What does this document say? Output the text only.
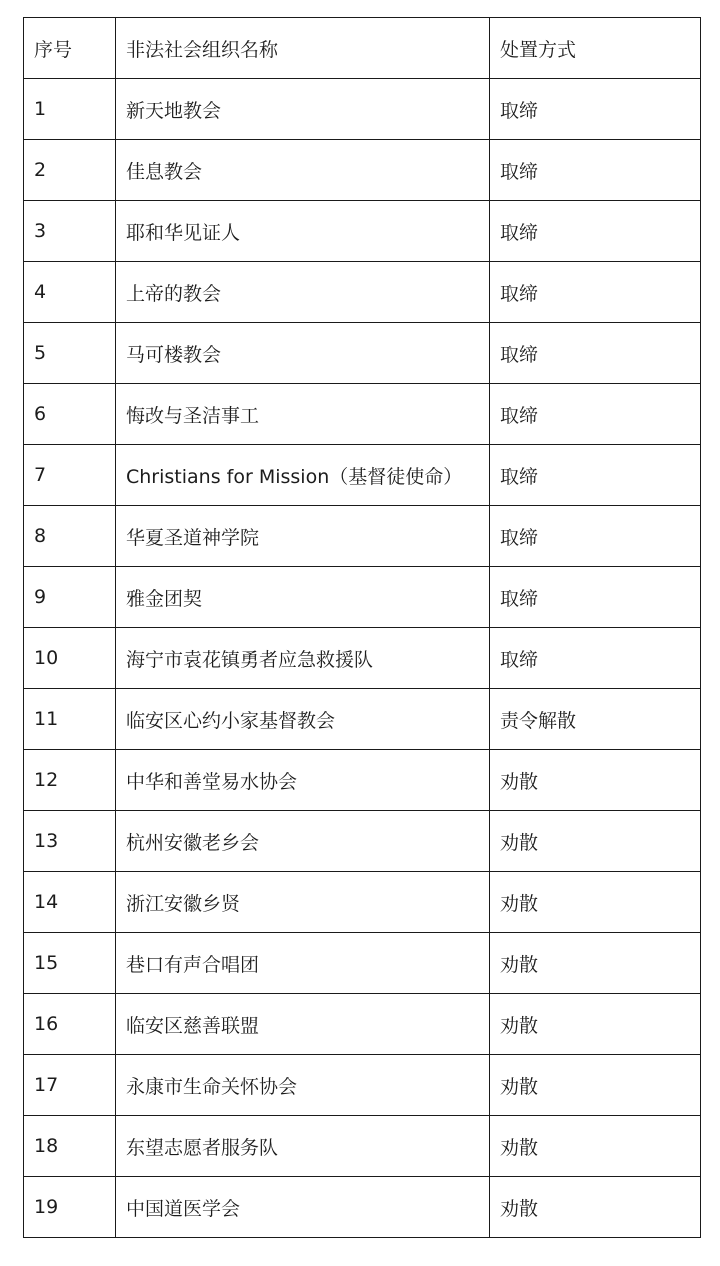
序号	非法社会组织名称	处置方式
1	新天地教会	取缔
2	佳息教会	取缔
3	耶和华见证人	取缔
4	上帝的教会	取缔
5	马可楼教会	取缔
6	悔改与圣洁事工	取缔
7	Christians for Mission（基督徒使命）	取缔
8	华夏圣道神学院	取缔
9	雅金团契	取缔
10	海宁市袁花镇勇者应急救援队	取缔
11	临安区心约小家基督教会	责令解散
12	中华和善堂易水协会	劝散
13	杭州安徽老乡会	劝散
14	浙江安徽乡贤	劝散
15	巷口有声合唱团	劝散
16	临安区慈善联盟	劝散
17	永康市生命关怀协会	劝散
18	东望志愿者服务队	劝散
19	中国道医学会	劝散
